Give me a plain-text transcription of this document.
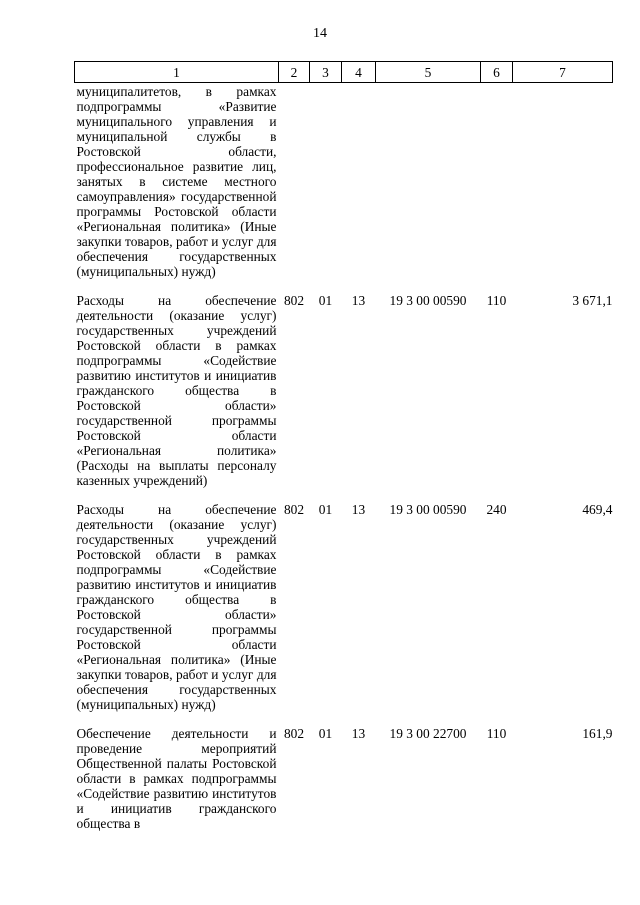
14
1	2	3	4	5	6	7
муниципалитетов, в рамках подпрограммы «Развитие муниципального управления и муниципальной службы в Ростовской области, профессиональное развитие лиц, занятых в системе местного самоуправления» государственной программы Ростовской области «Региональная политика» (Иные закупки товаров, работ и услуг для обеспечения государственных (муниципальных) нужд)						
Расходы на обеспечение деятельности (оказание услуг) государственных учреждений Ростовской области в рамках подпрограммы «Содействие развитию институтов и инициатив гражданского общества в Ростовской области» государственной программы Ростовской области «Региональная политика» (Расходы на выплаты персоналу казенных учреждений)	802	01	13	19 3 00 00590	110	3 671,1
Расходы на обеспечение деятельности (оказание услуг) государственных учреждений Ростовской области в рамках подпрограммы «Содействие развитию институтов и инициатив гражданского общества в Ростовской области» государственной программы Ростовской области «Региональная политика» (Иные закупки товаров, работ и услуг для обеспечения государственных (муниципальных) нужд)	802	01	13	19 3 00 00590	240	469,4
Обеспечение деятельности и проведение мероприятий Общественной палаты Ростовской области в рамках подпрограммы «Содействие развитию институтов и инициатив гражданского общества в	802	01	13	19 3 00 22700	110	161,9
